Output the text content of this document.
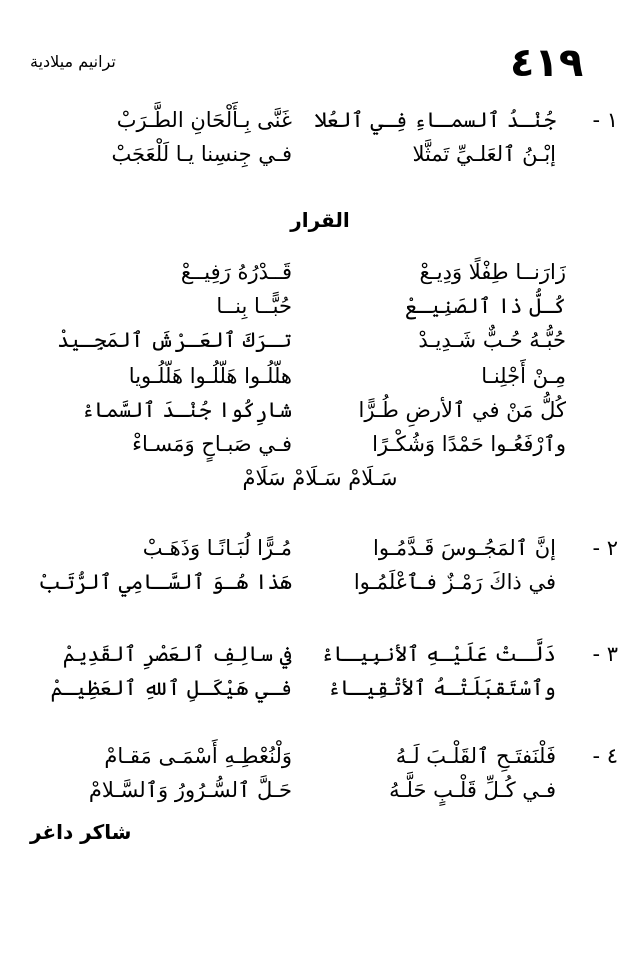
٤١٩
ترانيم ميلادية
١ -
جُنْـدُ ٱلسمـاءِ فِـي ٱلعُلا
غَنَّى بِـأَلْحَانِ الطَّـرَبْ
إبْـنُ ٱلعَلـيِّ تَمثَّلا
فـي جِنسِنا يـا لَلْعَجَبْ
القرار
زَارَنــا طِفْلًا وَدِيـعْ
قَــدْرُهُ رَفِيــعْ
كُـلُّ ذا ٱلصَنِيـعْ
حُبًّــا بِنــا
حُبُّـهُ حُـبٌّ شَـدِيـدْ
تـرَكَ ٱلعَـرْشَ ٱلمَجِـيدْ
مِـنْ أَجْلِنـا
هلّلُـوا هَلّلُـوا هَلّلُـويا
كُلُّ مَنْ في ٱلأرضِ طُـرًّا
شارِكُوا جُنْـدَ ٱلسَّماءْ
وٱرْفَعُـوا حَمْدًا وَشُكْـرًا
فـي صَبـاحٍ وَمَسـاءْ
سَـلَامْ سَـلَامْ سَلَامْ
٢ -
إنَّ ٱلمَجُـوسَ قَـدَّمُـوا
مُـرًّا لُبَـانًـا وَذَهَـبْ
في ذاكَ رَمْـزٌ فـٱعْلَمُـوا
هَذا هُـوَ ٱلسَّـامِي ٱلرُّتَبْ
٣ -
دَلَّـتْ عَلَيْـهِ ٱلأنبِيـاءْ
في سالِفِ ٱلعَصْرِ ٱلقَدِيمْ
وٱسْتَقبَلَتْـهُ ٱلأتْقِيـاءْ
فـي هَيْكَـلِ ٱللهِ ٱلعَظِيـمْ
٤ -
فَلْنَفتَـحِ ٱلقَلْـبَ لَـهُ
وَلْنُعْطِـهِ أَسْمَـى مَقـامْ
فـي كُـلِّ قَلْـبٍ حَلَّـهُ
حَـلَّ ٱلسُّـرُورُ وَٱلسَّـلامْ
شاكر داغر
